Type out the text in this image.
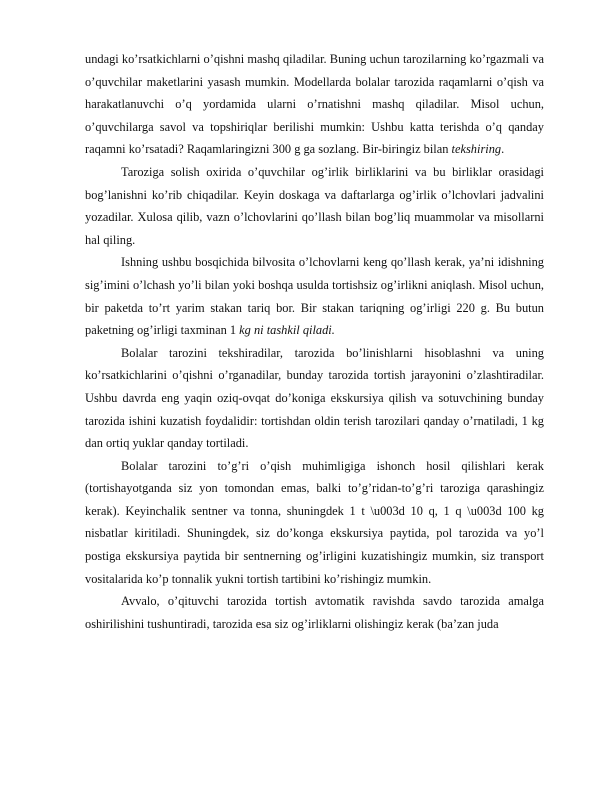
undagi ko’rsatkichlarni o’qishni mashq qiladilar. Buning uchun tarozilarning ko’rgazmali va o’quvchilar maketlarini yasash mumkin. Modellarda bolalar tarozida raqamlarni o’qish va harakatlanuvchi o’q yordamida ularni o’rnatishni mashq qiladilar. Misol uchun, o’quvchilarga savol va topshiriqlar berilishi mumkin: Ushbu katta terishda o’q qanday raqamni ko’rsatadi? Raqamlaringizni 300 g ga sozlang. Bir-biringiz bilan tekshiring.

Taroziga solish oxirida o’quvchilar og’irlik birliklarini va bu birliklar orasidagi bog’lanishni ko’rib chiqadilar. Keyin doskaga va daftarlarga og’irlik o’lchovlari jadvalini yozadilar. Xulosa qilib, vazn o’lchovlarini qo’llash bilan bog’liq muammolar va misollarni hal qiling.

Ishning ushbu bosqichida bilvosita o’lchovlarni keng qo’llash kerak, ya’ni idishning sig’imini o’lchash yo’li bilan yoki boshqa usulda tortishsiz og’irlikni aniqlash. Misol uchun, bir paketda to’rt yarim stakan tariq bor. Bir stakan tariqning og’irligi 220 g. Bu butun paketning og’irligi taxminan 1 kg ni tashkil qiladi.

Bolalar tarozini tekshiradilar, tarozida bo’linishlarni hisoblashni va uning ko’rsatkichlarini o’qishni o’rganadilar, bunday tarozida tortish jarayonini o’zlashtiradilar. Ushbu davrda eng yaqin oziq-ovqat do’koniga ekskursiya qilish va sotuvchining bunday tarozida ishini kuzatish foydalidir: tortishdan oldin terish tarozilari qanday o’rnatiladi, 1 kg dan ortiq yuklar qanday tortiladi.

Bolalar tarozini to’g’ri o’qish muhimligiga ishonch hosil qilishlari kerak (tortishayotganda siz yon tomondan emas, balki to’g’ridan-to’g’ri taroziga qarashingiz kerak). Keyinchalik sentner va tonna, shuningdek 1 t \u003d 10 q, 1 q \u003d 100 kg nisbatlar kiritiladi. Shuningdek, siz do’konga ekskursiya paytida, pol tarozida va yo’l postiga ekskursiya paytida bir sentnerning og’irligini kuzatishingiz mumkin, siz transport vositalarida ko’p tonnalik yukni tortish tartibini ko’rishingiz mumkin.

Avvalo, o’qituvchi tarozida tortish avtomatik ravishda savdo tarozida amalga oshirilishini tushuntiradi, tarozida esa siz og’irliklarni olishingiz kerak (ba’zan juda
